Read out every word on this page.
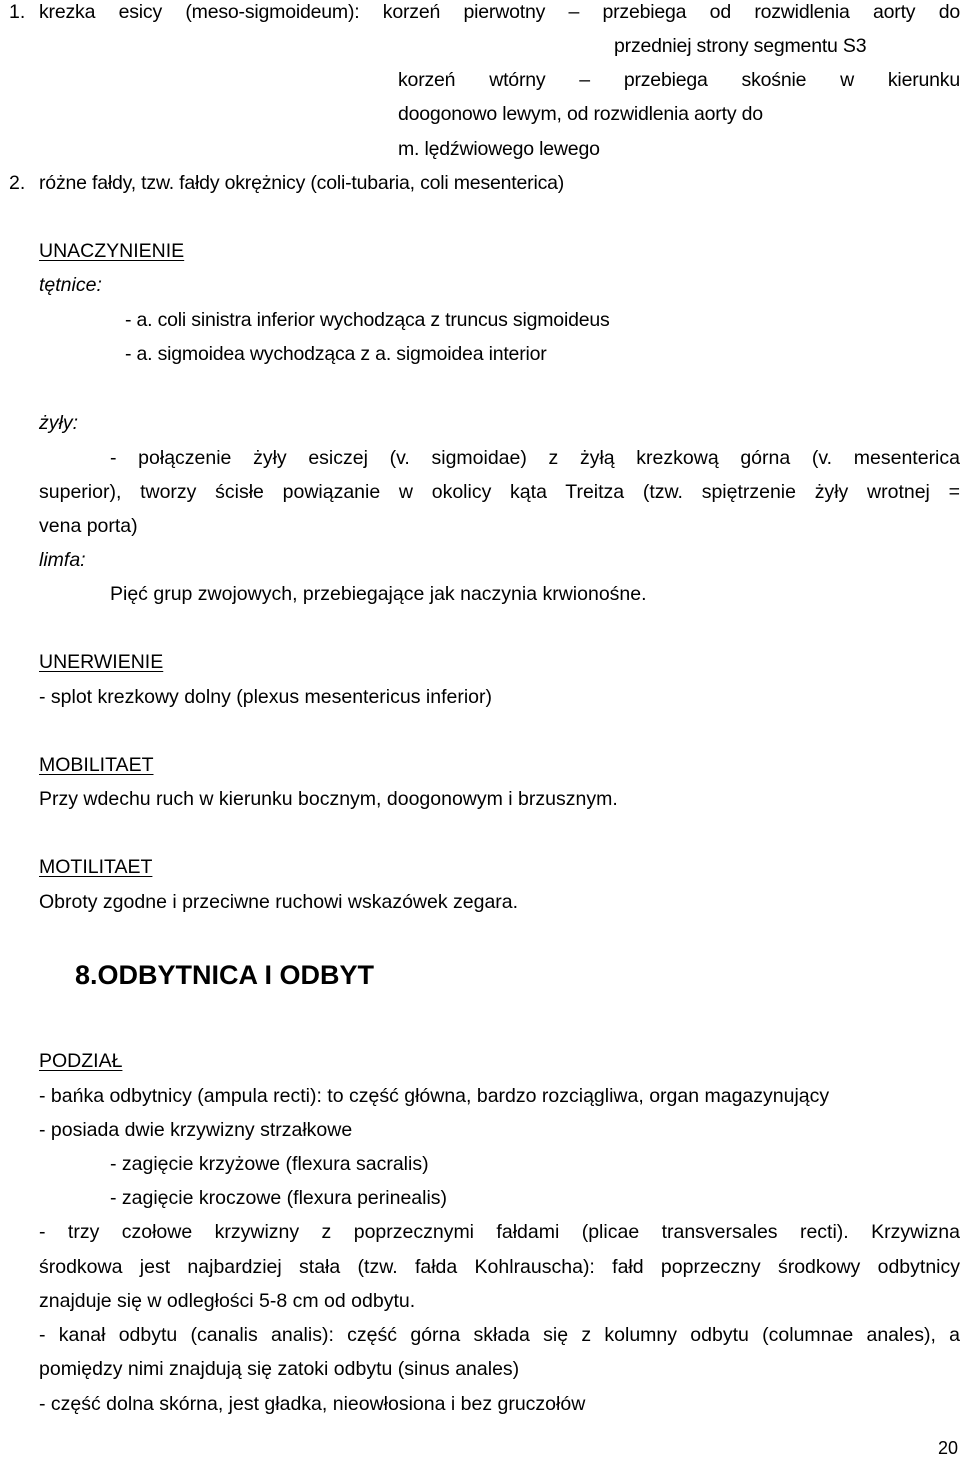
1. krezka esicy (meso-sigmoideum): korzeń pierwotny – przebiega od rozwidlenia aorty do
przedniej strony segmentu S3
korzeń wtórny – przebiega skośnie w kierunku
doogonowo lewym, od rozwidlenia aorty do
m. lędźwiowego lewego
2. różne fałdy, tzw. fałdy okrężnicy (coli-tubaria, coli mesenterica)
UNACZYNIENIE
tętnice:
- a. coli sinistra inferior wychodząca z truncus sigmoideus
- a. sigmoidea wychodząca z a. sigmoidea interior
żyły:
- połączenie żyły esiczej (v. sigmoidae) z żyłą krezkową górna (v. mesenterica
superior), tworzy ścisłe powiązanie w okolicy kąta Treitza (tzw. spiętrzenie żyły wrotnej =
vena porta)
limfa:
Pięć grup zwojowych, przebiegające jak naczynia krwionośne.
UNERWIENIE
- splot krezkowy dolny (plexus mesentericus inferior)
MOBILITAET
Przy wdechu ruch w kierunku bocznym, doogonowym i brzusznym.
MOTILITAET
Obroty zgodne i przeciwne ruchowi wskazówek zegara.
8.ODBYTNICA I ODBYT
PODZIAŁ
- bańka odbytnicy (ampula recti): to część główna, bardzo rozciągliwa, organ magazynujący
- posiada dwie krzywizny strzałkowe
- zagięcie krzyżowe (flexura sacralis)
- zagięcie kroczowe (flexura perinealis)
- trzy czołowe krzywizny z poprzecznymi fałdami (plicae transversales recti). Krzywizna
środkowa jest najbardziej stała (tzw. fałda Kohlrauscha): fałd poprzeczny środkowy odbytnicy
znajduje się w odległości 5-8 cm od odbytu.
- kanał odbytu (canalis analis): część górna składa się z kolumny odbytu (columnae anales), a
pomiędzy nimi znajdują się zatoki odbytu (sinus anales)
- część dolna skórna, jest gładka, nieowłosiona i bez gruczołów
20
